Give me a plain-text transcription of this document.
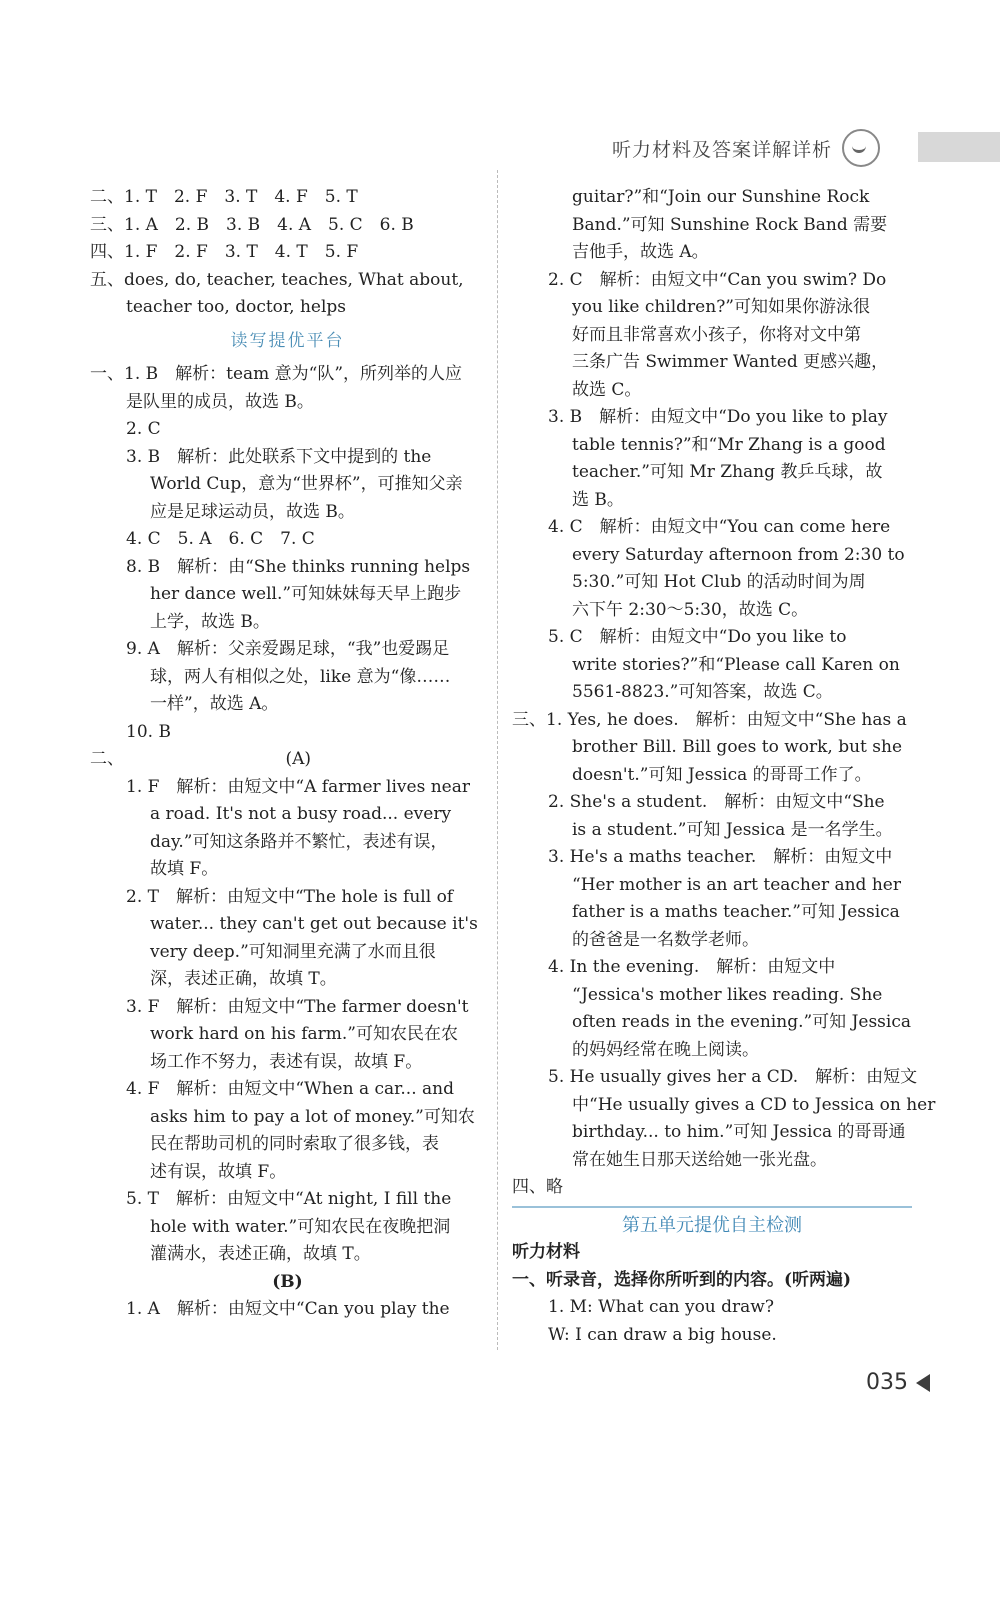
听力材料及答案详解详析
二、1. T　2. F　3. T　4. F　5. T
三、1. A　2. B　3. B　4. A　5. C　6. B
四、1. F　2. F　3. T　4. T　5. F
五、does, do, teacher, teaches, What about,
teacher too, doctor, helps
读写提优平台
一、1. B　解析：team 意为“队”，所列举的人应
是队里的成员，故选 B。
2. C
3. B　解析：此处联系下文中提到的 the
World Cup，意为“世界杯”，可推知父亲
应是足球运动员，故选 B。
4. C　5. A　6. C　7. C
8. B　解析：由“She thinks running helps
her dance well.”可知妹妹每天早上跑步
上学，故选 B。
9. A　解析：父亲爱踢足球，“我”也爱踢足
球，两人有相似之处，like 意为“像……
一样”，故选 A。
10. B
二、　　　　　　　　　　(A)
1. F　解析：由短文中“A farmer lives near
a road. It's not a busy road... every
day.”可知这条路并不繁忙，表述有误，
故填 F。
2. T　解析：由短文中“The hole is full of
water... they can't get out because it's
very deep.”可知洞里充满了水而且很
深，表述正确，故填 T。
3. F　解析：由短文中“The farmer doesn't
work hard on his farm.”可知农民在农
场工作不努力，表述有误，故填 F。
4. F　解析：由短文中“When a car... and
asks him to pay a lot of money.”可知农
民在帮助司机的同时索取了很多钱，表
述有误，故填 F。
5. T　解析：由短文中“At night, I fill the
hole with water.”可知农民在夜晚把洞
灌满水，表述正确，故填 T。
(B)
1. A　解析：由短文中“Can you play the
guitar?”和“Join our Sunshine Rock
Band.”可知 Sunshine Rock Band 需要
吉他手，故选 A。
2. C　解析：由短文中“Can you swim? Do
you like children?”可知如果你游泳很
好而且非常喜欢小孩子，你将对文中第
三条广告 Swimmer Wanted 更感兴趣，
故选 C。
3. B　解析：由短文中“Do you like to play
table tennis?”和“Mr Zhang is a good
teacher.”可知 Mr Zhang 教乒乓球，故
选 B。
4. C　解析：由短文中“You can come here
every Saturday afternoon from 2:30 to
5:30.”可知 Hot Club 的活动时间为周
六下午 2:30～5:30，故选 C。
5. C　解析：由短文中“Do you like to
write stories?”和“Please call Karen on
5561-8823.”可知答案，故选 C。
三、1. Yes, he does.　解析：由短文中“She has a
brother Bill. Bill goes to work, but she
doesn't.”可知 Jessica 的哥哥工作了。
2. She's a student.　解析：由短文中“She
is a student.”可知 Jessica 是一名学生。
3. He's a maths teacher.　解析：由短文中
“Her mother is an art teacher and her
father is a maths teacher.”可知 Jessica
的爸爸是一名数学老师。
4. In the evening.　解析：由短文中
“Jessica's mother likes reading. She
often reads in the evening.”可知 Jessica
的妈妈经常在晚上阅读。
5. He usually gives her a CD.　解析：由短文
中“He usually gives a CD to Jessica on her
birthday... to him.”可知 Jessica 的哥哥通
常在她生日那天送给她一张光盘。
四、略
第五单元提优自主检测
听力材料
一、听录音，选择你所听到的内容。(听两遍)
1. M: What can you draw?
W: I can draw a big house.
035
